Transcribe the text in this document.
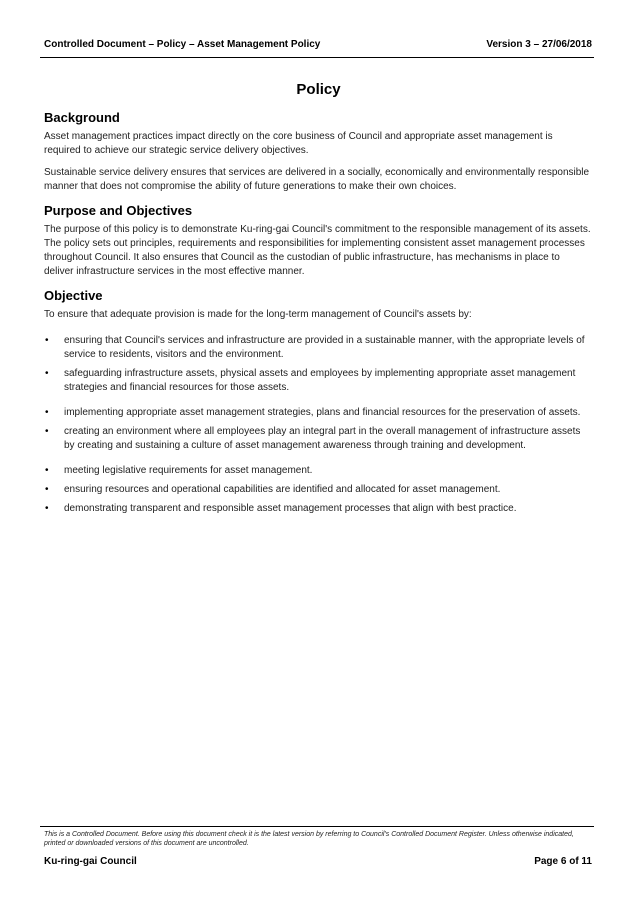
Controlled Document – Policy – Asset Management Policy	Version 3 – 27/06/2018
Policy
Background

Asset management practices impact directly on the core business of Council and appropriate asset management is required to achieve our strategic service delivery objectives.

Sustainable service delivery ensures that services are delivered in a socially, economically and environmentally responsible manner that does not compromise the ability of future generations to make their own choices.

Purpose and Objectives

The purpose of this policy is to demonstrate Ku-ring-gai Council's commitment to the responsible management of its assets. The policy sets out principles, requirements and responsibilities for implementing consistent asset management processes throughout Council. It also ensures that Council as the custodian of public infrastructure, has mechanisms in place to deliver infrastructure services in the most effective manner.

Objective

To ensure that adequate provision is made for the long-term management of Council's assets by:

• ensuring that Council's services and infrastructure are provided in a sustainable manner, with the appropriate levels of service to residents, visitors and the environment.
• safeguarding infrastructure assets, physical assets and employees by implementing appropriate asset management strategies and financial resources for those assets.
• implementing appropriate asset management strategies, plans and financial resources for the preservation of assets.
• creating an environment where all employees play an integral part in the overall management of infrastructure assets by creating and sustaining a culture of asset management awareness through training and development.
• meeting legislative requirements for asset management.
• ensuring resources and operational capabilities are identified and allocated for asset management.
• demonstrating transparent and responsible asset management processes that align with best practice.
This is a Controlled Document. Before using this document check it is the latest version by referring to Council's Controlled Document Register. Unless otherwise indicated, printed or downloaded versions of this document are uncontrolled.
Ku-ring-gai Council	Page 6 of 11
